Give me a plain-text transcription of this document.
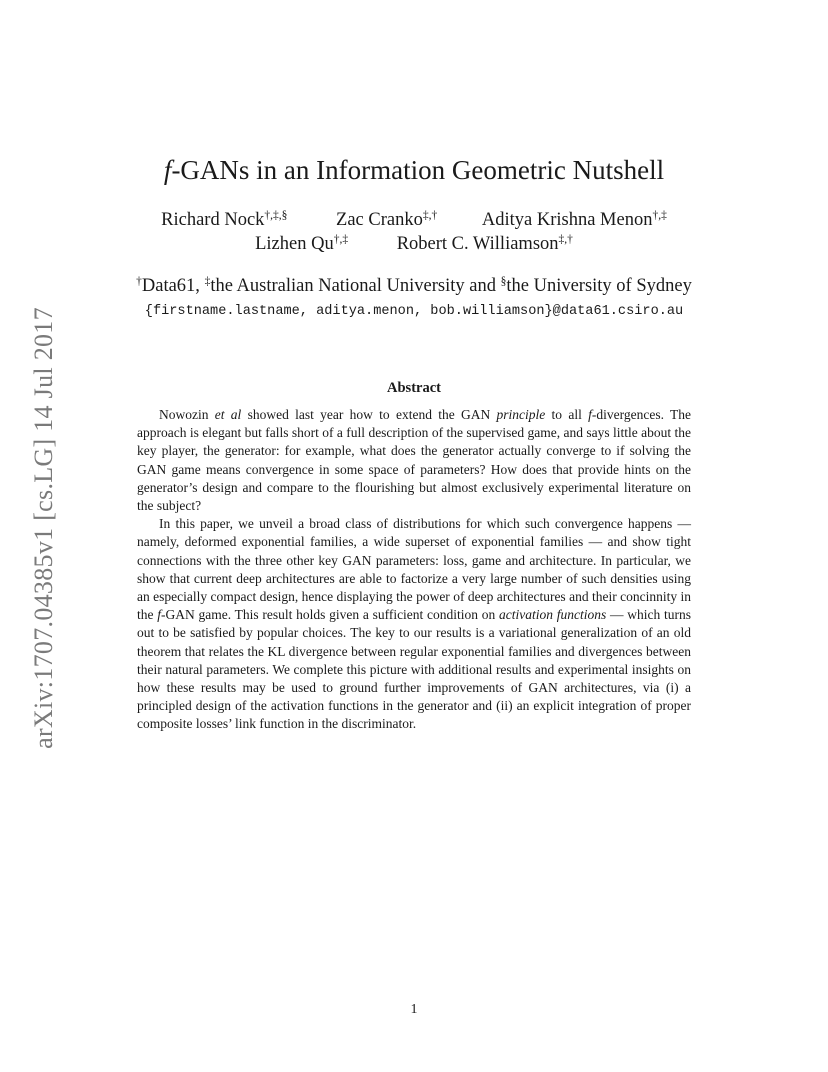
arXiv:1707.04385v1 [cs.LG] 14 Jul 2017
f-GANs in an Information Geometric Nutshell
Richard Nock†,‡,§	Zac Cranko‡,† Aditya Krishna Menon†,‡
Lizhen Qu†,‡	Robert C. Williamson‡,†
†Data61, ‡the Australian National University and §the University of Sydney
{firstname.lastname, aditya.menon, bob.williamson}@data61.csiro.au
Abstract

Nowozin et al showed last year how to extend the GAN principle to all f-divergences. The approach is elegant but falls short of a full description of the supervised game, and says little about the key player, the generator: for example, what does the generator actually converge to if solving the GAN game means convergence in some space of parameters? How does that provide hints on the generator’s design and compare to the flourishing but almost exclusively experimental literature on the subject?

In this paper, we unveil a broad class of distributions for which such convergence happens — namely, deformed exponential families, a wide superset of exponential families — and show tight connections with the three other key GAN parameters: loss, game and architecture. In particular, we show that current deep architectures are able to factorize a very large number of such densities using an especially compact design, hence displaying the power of deep architectures and their concinnity in the f-GAN game. This result holds given a sufficient condition on activation functions — which turns out to be satisfied by popular choices. The key to our results is a variational generalization of an old theorem that relates the KL divergence between regular exponential families and divergences between their natural parameters. We complete this picture with additional results and experimental insights on how these results may be used to ground further improvements of GAN architectures, via (i) a principled design of the activation functions in the generator and (ii) an explicit integration of proper composite losses’ link function in the discriminator.

1
